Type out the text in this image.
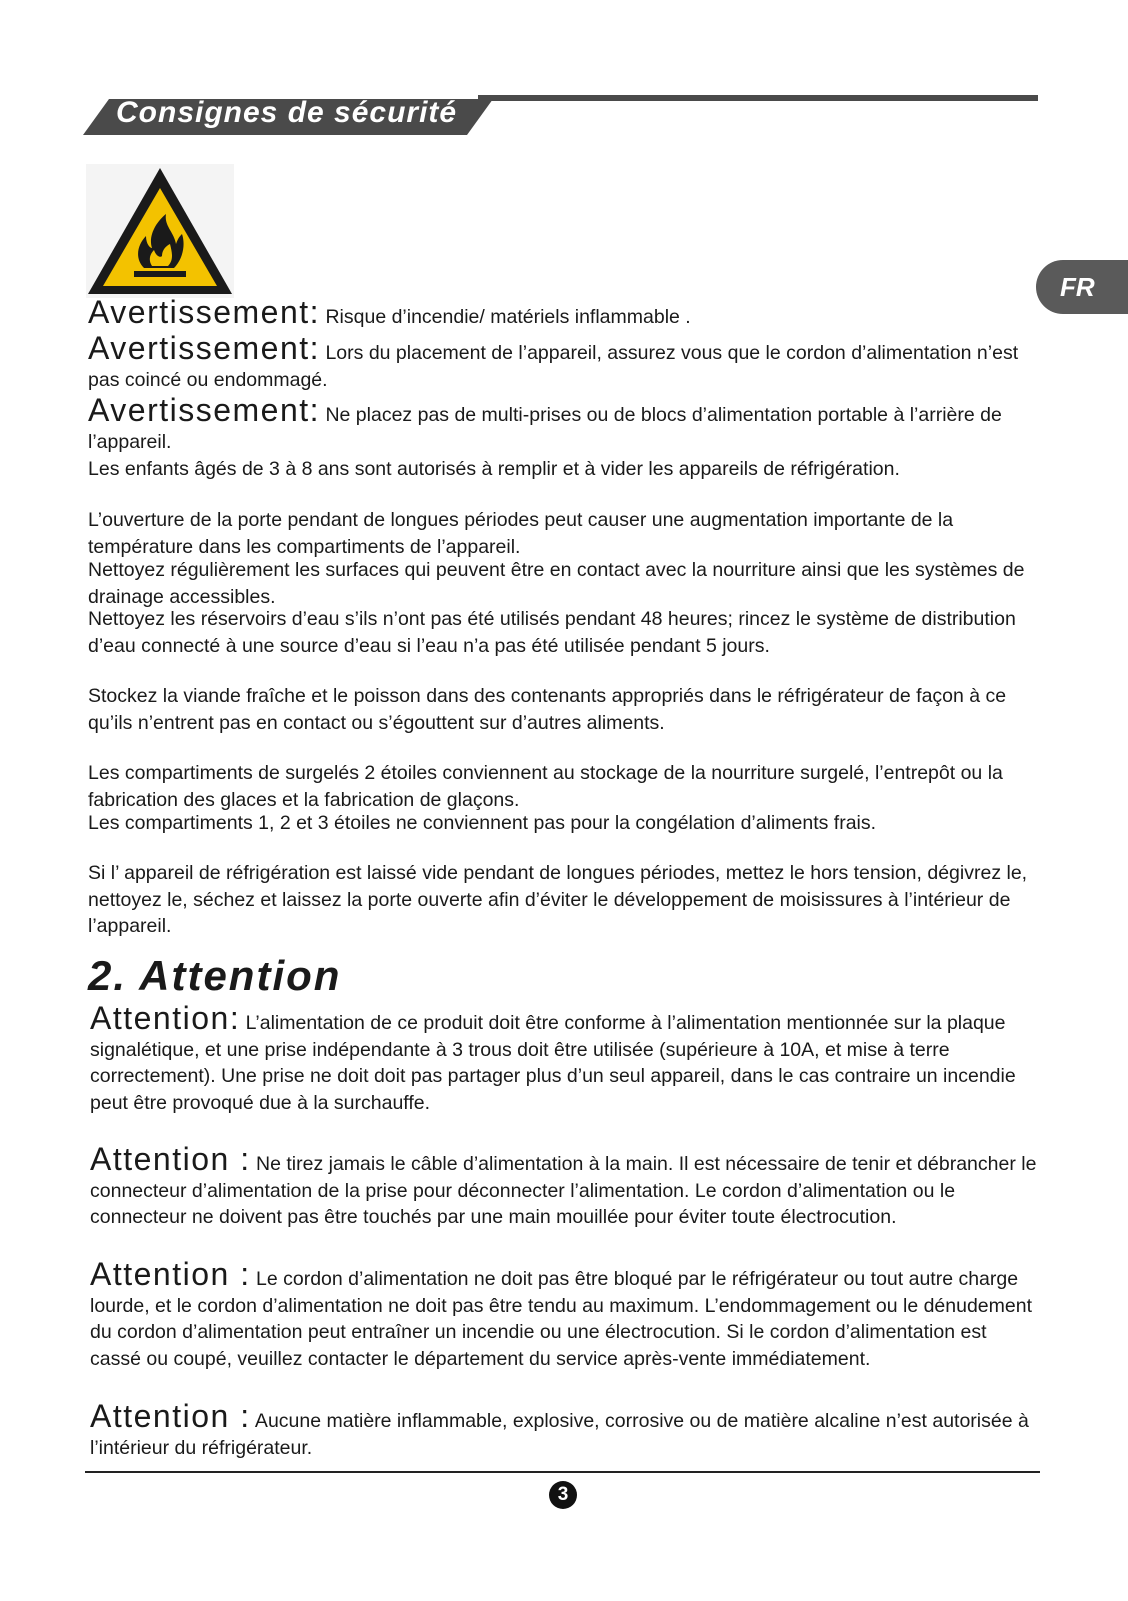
Consignes de sécurité
FR

Avertissement: Risque d’incendie/ matériels inflammable .

Avertissement: Lors du placement de l’appareil, assurez vous que le cordon d’alimentation n’est pas coincé ou endommagé.

Avertissement: Ne placez pas de multi-prises ou de blocs d’alimentation portable à l’arrière de l’appareil.

Les enfants âgés de 3 à 8 ans sont autorisés à remplir et à vider les appareils de réfrigération.

L’ouverture de la porte pendant de longues périodes peut causer une augmentation importante de la température dans les compartiments de l’appareil.

Nettoyez régulièrement les surfaces qui peuvent être en contact avec la nourriture ainsi que les systèmes de drainage accessibles.

Nettoyez les réservoirs d’eau s’ils n’ont pas été utilisés pendant 48 heures; rincez le système de distribution d’eau connecté à une source d’eau si l’eau n’a pas été utilisée pendant 5 jours.

Stockez la viande fraîche et le poisson dans des contenants appropriés dans le réfrigérateur de façon à ce qu’ils n’entrent pas en contact ou s’égouttent sur d’autres aliments.

Les compartiments de surgelés 2 étoiles conviennent au stockage de la nourriture surgelé, l’entrepôt ou la fabrication des glaces et la fabrication de glaçons.

Les compartiments 1, 2 et 3 étoiles ne conviennent pas pour la congélation d’aliments frais.

Si l’ appareil de réfrigération est laissé vide pendant de longues périodes, mettez le hors tension, dégivrez le, nettoyez le, séchez et laissez la porte ouverte afin d’éviter le développement de moisissures à l’intérieur de l’appareil.

2. Attention

Attention: L’alimentation de ce produit doit être conforme à l’alimentation mentionnée sur la plaque signalétique, et une prise indépendante à 3 trous doit être utilisée (supérieure à 10A, et mise à terre correctement). Une prise ne doit doit pas partager plus d’un seul appareil, dans le cas contraire un incendie peut être provoqué due à la surchauffe.

Attention : Ne tirez jamais le câble d’alimentation à la main. Il est nécessaire de tenir et débrancher le connecteur d’alimentation de la prise pour déconnecter l’alimentation. Le cordon d’alimentation ou le connecteur ne doivent pas être touchés par une main mouillée pour éviter toute électrocution.

Attention : Le cordon d’alimentation ne doit pas être bloqué par le réfrigérateur ou tout autre charge lourde, et le cordon d’alimentation ne doit pas être tendu au maximum. L’endommagement ou le dénudement du cordon d’alimentation peut entraîner un incendie ou une électrocution. Si le cordon d’alimentation est cassé ou coupé, veuillez contacter le département du service après-vente immédiatement.

Attention : Aucune matière inflammable, explosive, corrosive ou de matière alcaline n’est autorisée à l’intérieur du réfrigérateur.

3
